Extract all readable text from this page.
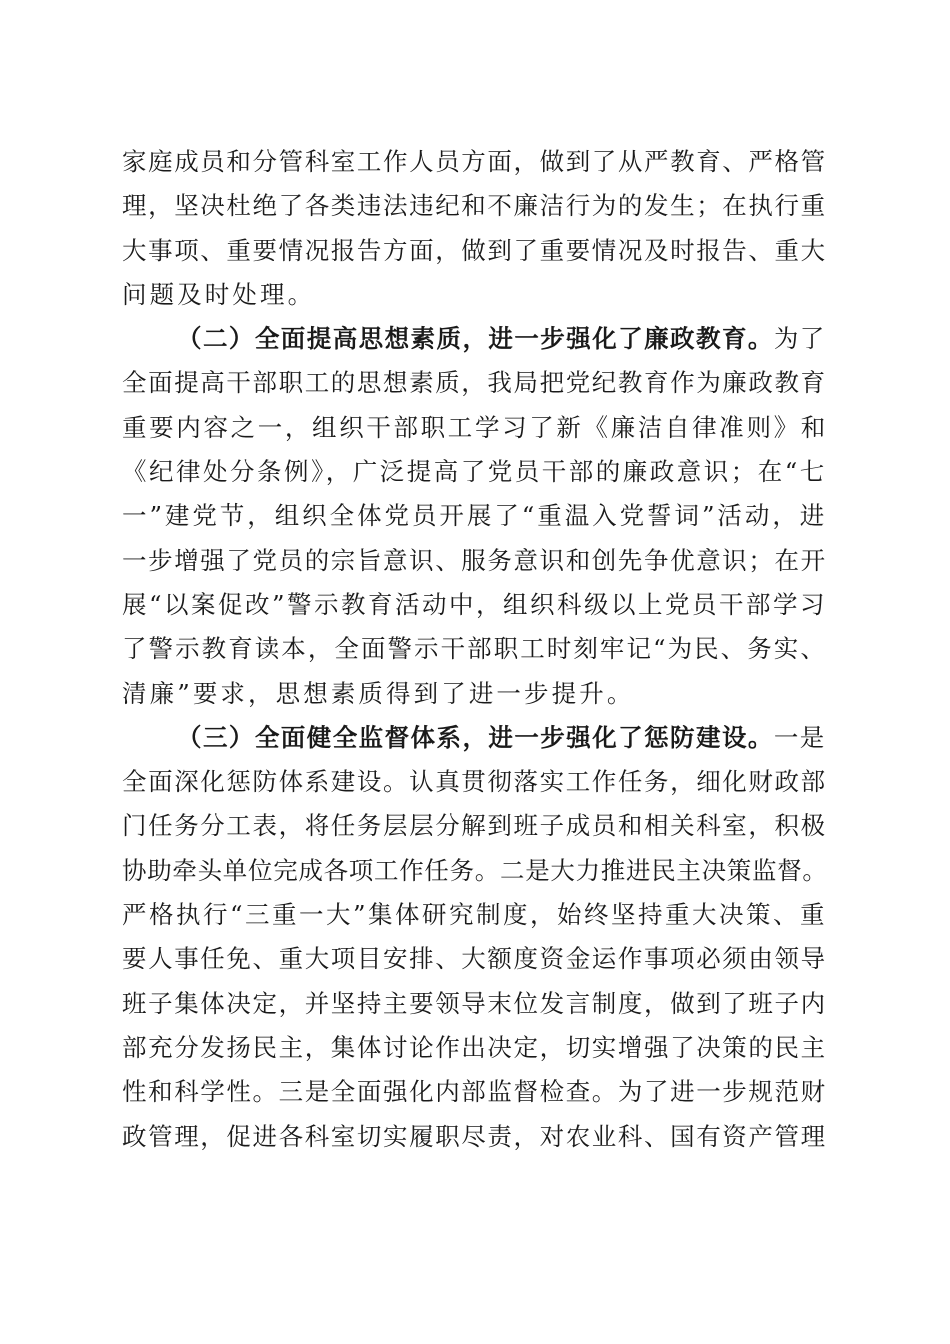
家庭成员和分管科室工作人员方面，做到了从严教育、严格管
理，坚决杜绝了各类违法违纪和不廉洁行为的发生；在执行重
大事项、重要情况报告方面，做到了重要情况及时报告、重大
问题及时处理。
（二）全面提高思想素质，进一步强化了廉政教育。为了
全面提高干部职工的思想素质，我局把党纪教育作为廉政教育
重要内容之一，组织干部职工学习了新《廉洁自律准则》和
《纪律处分条例》，广泛提高了党员干部的廉政意识；在“七
一”建党节，组织全体党员开展了“重温入党誓词”活动，进
一步增强了党员的宗旨意识、服务意识和创先争优意识；在开
展“以案促改”警示教育活动中，组织科级以上党员干部学习
了警示教育读本，全面警示干部职工时刻牢记“为民、务实、
清廉”要求，思想素质得到了进一步提升。
（三）全面健全监督体系，进一步强化了惩防建设。一是
全面深化惩防体系建设。认真贯彻落实工作任务，细化财政部
门任务分工表，将任务层层分解到班子成员和相关科室，积极
协助牵头单位完成各项工作任务。二是大力推进民主决策监督。
严格执行“三重一大”集体研究制度，始终坚持重大决策、重
要人事任免、重大项目安排、大额度资金运作事项必须由领导
班子集体决定，并坚持主要领导末位发言制度，做到了班子内
部充分发扬民主，集体讨论作出决定，切实增强了决策的民主
性和科学性。三是全面强化内部监督检查。为了进一步规范财
政管理，促进各科室切实履职尽责，对农业科、国有资产管理
